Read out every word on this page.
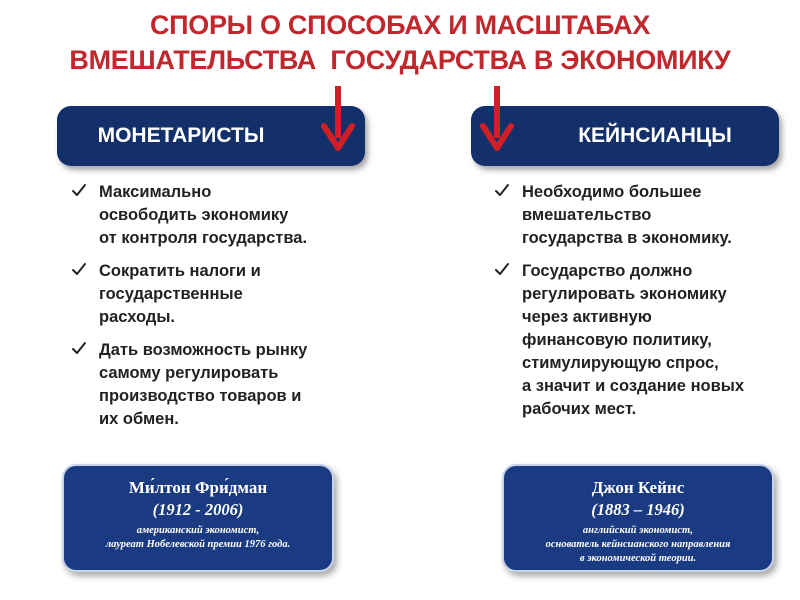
СПОРЫ О СПОСОБАХ И МАСШТАБАХ
ВМЕШАТЕЛЬСТВА  ГОСУДАРСТВА В ЭКОНОМИКУ
МОНЕТАРИСТЫ	КЕЙНСИАНЦЫ
Максимально
освободить экономику
от контроля государства.
Сократить налоги и
государственные
расходы.
Дать возможность рынку
самому регулировать
производство товаров и
их обмен.
Необходимо большее
вмешательство
государства в экономику.
Государство должно
регулировать экономику
через активную
финансовую политику,
стимулирующую спрос,
а значит и создание новых
рабочих мест.
Ми́лтон Фри́дман
(1912 - 2006)
американский экономист,
лауреат Нобелевской премии 1976 года.
Джон Кейнс
(1883 – 1946)
английский экономист,
основатель кейнсианского направления
в экономической теории.
